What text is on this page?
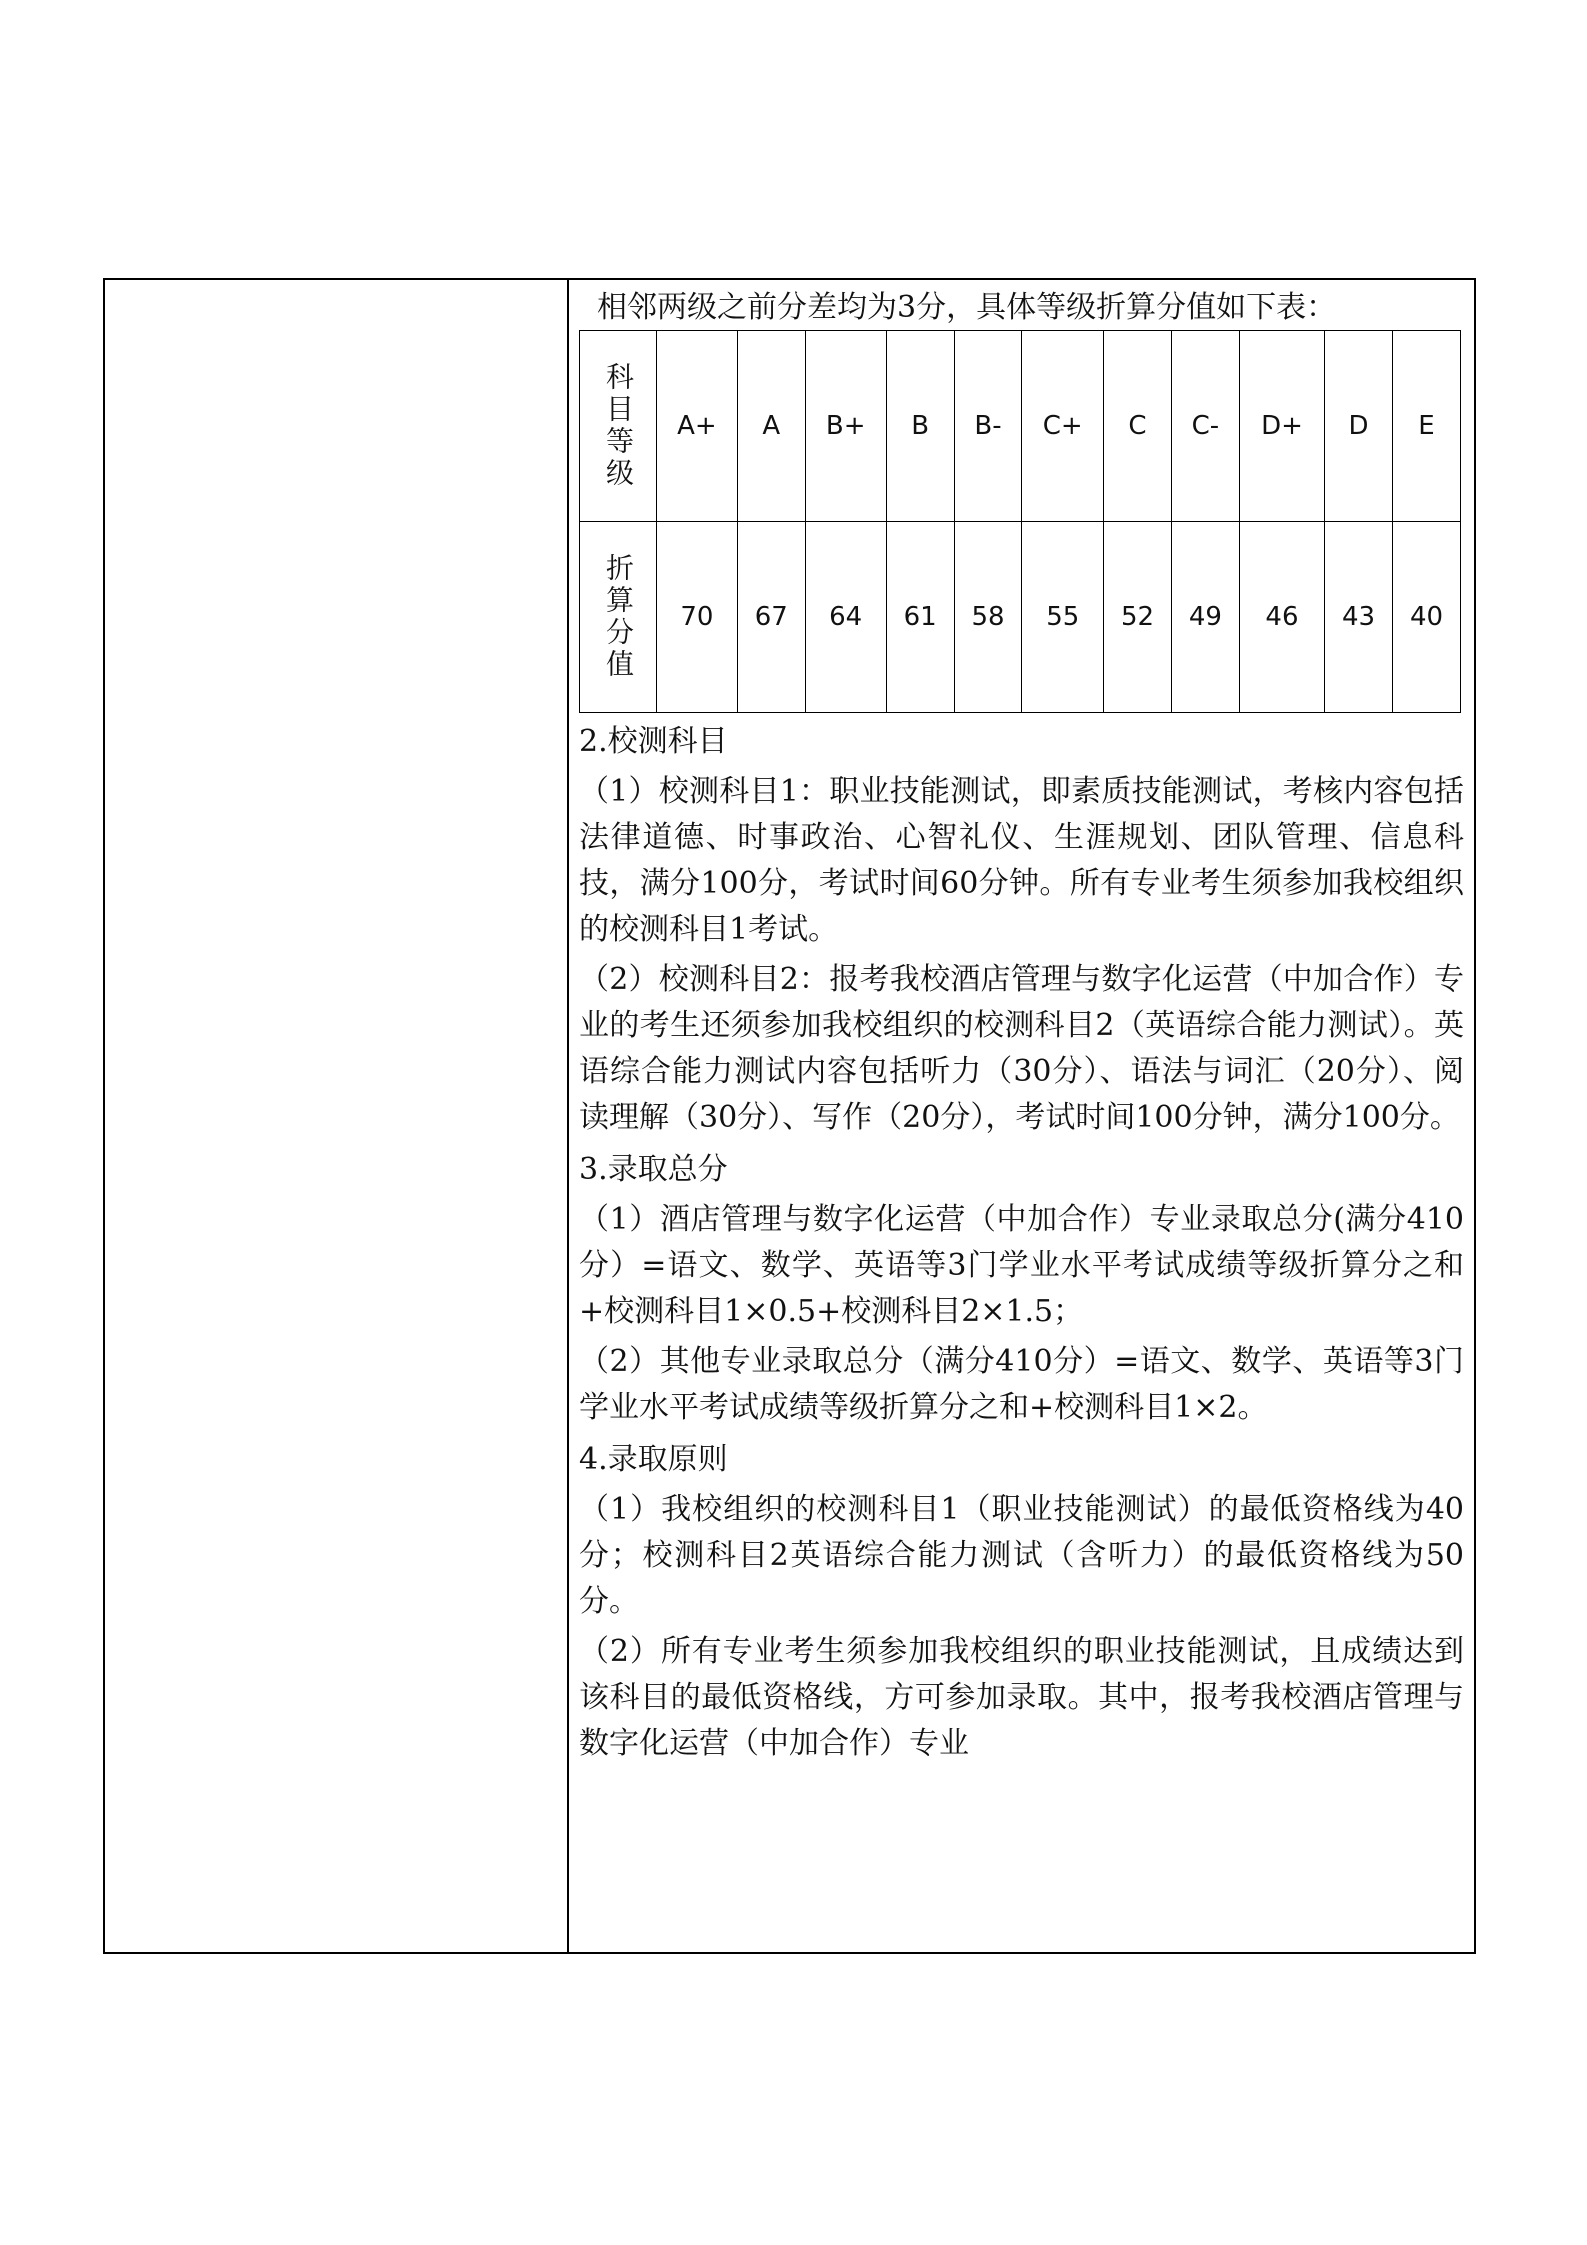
相邻两级之前分差均为3分，具体等级折算分值如下表：
科目等级	A+	A	B+	B	B-	C+	C	C-	D+	D	E
折算分值	70	67	64	61	58	55	52	49	46	43	40
2.校测科目
（1）校测科目1：职业技能测试，即素质技能测试，考核内容包括法律道德、时事政治、心智礼仪、生涯规划、团队管理、信息科技，满分100分，考试时间60分钟。所有专业考生须参加我校组织的校测科目1考试。
（2）校测科目2：报考我校酒店管理与数字化运营（中加合作）专业的考生还须参加我校组织的校测科目2（英语综合能力测试）。英语综合能力测试内容包括听力（30分）、语法与词汇（20分）、阅读理解（30分）、写作（20分），考试时间100分钟，满分100分。
3.录取总分
（1）酒店管理与数字化运营（中加合作）专业录取总分(满分410分）=语文、数学、英语等3门学业水平考试成绩等级折算分之和+校测科目1×0.5+校测科目2×1.5；
（2）其他专业录取总分（满分410分）=语文、数学、英语等3门学业水平考试成绩等级折算分之和+校测科目1×2。
4.录取原则
（1）我校组织的校测科目1（职业技能测试）的最低资格线为40分；校测科目2英语综合能力测试（含听力）的最低资格线为50分。
（2）所有专业考生须参加我校组织的职业技能测试，且成绩达到该科目的最低资格线，方可参加录取。其中，报考我校酒店管理与数字化运营（中加合作）专业
